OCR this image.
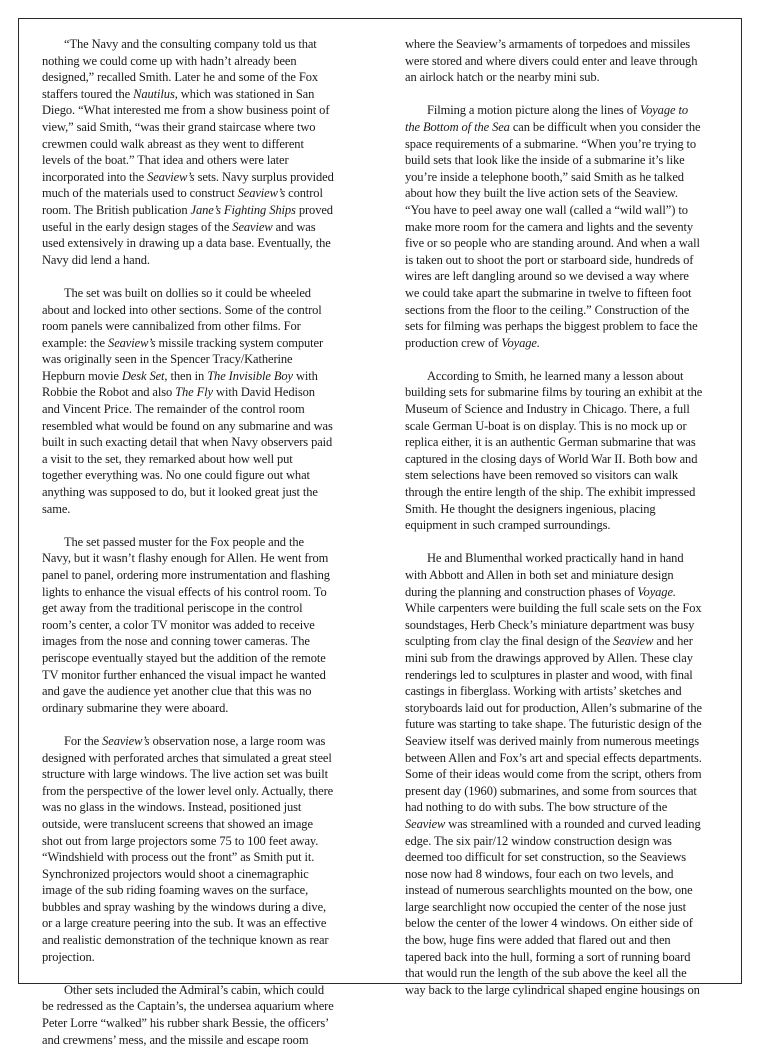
“The Navy and the consulting company told us that nothing we could come up with hadn’t already been designed,” recalled Smith. Later he and some of the Fox staffers toured the Nautilus, which was stationed in San Diego. “What interested me from a show business point of view,” said Smith, “was their grand staircase where two crewmen could walk abreast as they went to different levels of the boat.” That idea and others were later incorporated into the Seaview’s sets. Navy surplus provided much of the materials used to construct Seaview’s control room. The British publication Jane’s Fighting Ships proved useful in the early design stages of the Seaview and was used extensively in drawing up a data base. Eventually, the Navy did lend a hand.

The set was built on dollies so it could be wheeled about and locked into other sections. Some of the control room panels were cannibalized from other films. For example: the Seaview’s missile tracking system computer was originally seen in the Spencer Tracy/Katherine Hepburn movie Desk Set, then in The Invisible Boy with Robbie the Robot and also The Fly with David Hedison and Vincent Price. The remainder of the control room resembled what would be found on any submarine and was built in such exacting detail that when Navy observers paid a visit to the set, they remarked about how well put together everything was. No one could figure out what anything was supposed to do, but it looked great just the same.

The set passed muster for the Fox people and the Navy, but it wasn’t flashy enough for Allen. He went from panel to panel, ordering more instrumentation and flashing lights to enhance the visual effects of his control room. To get away from the traditional periscope in the control room’s center, a color TV monitor was added to receive images from the nose and conning tower cameras. The periscope eventually stayed but the addition of the remote TV monitor further enhanced the visual impact he wanted and gave the audience yet another clue that this was no ordinary submarine they were aboard.

For the Seaview’s observation nose, a large room was designed with perforated arches that simulated a great steel structure with large windows. The live action set was built from the perspective of the lower level only. Actually, there was no glass in the windows. Instead, positioned just outside, were translucent screens that showed an image shot out from large projectors some 75 to 100 feet away. “Windshield with process out the front” as Smith put it. Synchronized projectors would shoot a cinemagraphic image of the sub riding foaming waves on the surface, bubbles and spray washing by the windows during a dive, or a large creature peering into the sub. It was an effective and realistic demonstration of the technique known as rear projection.

Other sets included the Admiral’s cabin, which could be redressed as the Captain’s, the undersea aquarium where Peter Lorre “walked” his rubber shark Bessie, the officers’ and crewmens’ mess, and the missile and escape room

where the Seaview’s armaments of torpedoes and missiles were stored and where divers could enter and leave through an airlock hatch or the nearby mini sub.

Filming a motion picture along the lines of Voyage to the Bottom of the Sea can be difficult when you consider the space requirements of a submarine. “When you’re trying to build sets that look like the inside of a submarine it’s like you’re inside a telephone booth,” said Smith as he talked about how they built the live action sets of the Seaview. “You have to peel away one wall (called a “wild wall”) to make more room for the camera and lights and the seventy five or so people who are standing around. And when a wall is taken out to shoot the port or starboard side, hundreds of wires are left dangling around so we devised a way where we could take apart the submarine in twelve to fifteen foot sections from the floor to the ceiling.” Construction of the sets for filming was perhaps the biggest problem to face the production crew of Voyage.

According to Smith, he learned many a lesson about building sets for submarine films by touring an exhibit at the Museum of Science and Industry in Chicago. There, a full scale German U-boat is on display. This is no mock up or replica either, it is an authentic German submarine that was captured in the closing days of World War II. Both bow and stem selections have been removed so visitors can walk through the entire length of the ship. The exhibit impressed Smith. He thought the designers ingenious, placing equipment in such cramped surroundings.

He and Blumenthal worked practically hand in hand with Abbott and Allen in both set and miniature design during the planning and construction phases of Voyage. While carpenters were building the full scale sets on the Fox soundstages, Herb Check’s miniature department was busy sculpting from clay the final design of the Seaview and her mini sub from the drawings approved by Allen. These clay renderings led to sculptures in plaster and wood, with final castings in fiberglass. Working with artists’ sketches and storyboards laid out for production, Allen’s submarine of the future was starting to take shape. The futuristic design of the Seaview itself was derived mainly from numerous meetings between Allen and Fox’s art and special effects departments. Some of their ideas would come from the script, others from present day (1960) submarines, and some from sources that had nothing to do with subs. The bow structure of the Seaview was streamlined with a rounded and curved leading edge. The six pair/12 window construction design was deemed too difficult for set construction, so the Seaviews nose now had 8 windows, four each on two levels, and instead of numerous searchlights mounted on the bow, one large searchlight now occupied the center of the nose just below the center of the lower 4 windows. On either side of the bow, huge fins were added that flared out and then tapered back into the hull, forming a sort of running board that would run the length of the sub above the keel all the way back to the large cylindrical shaped engine housings on
